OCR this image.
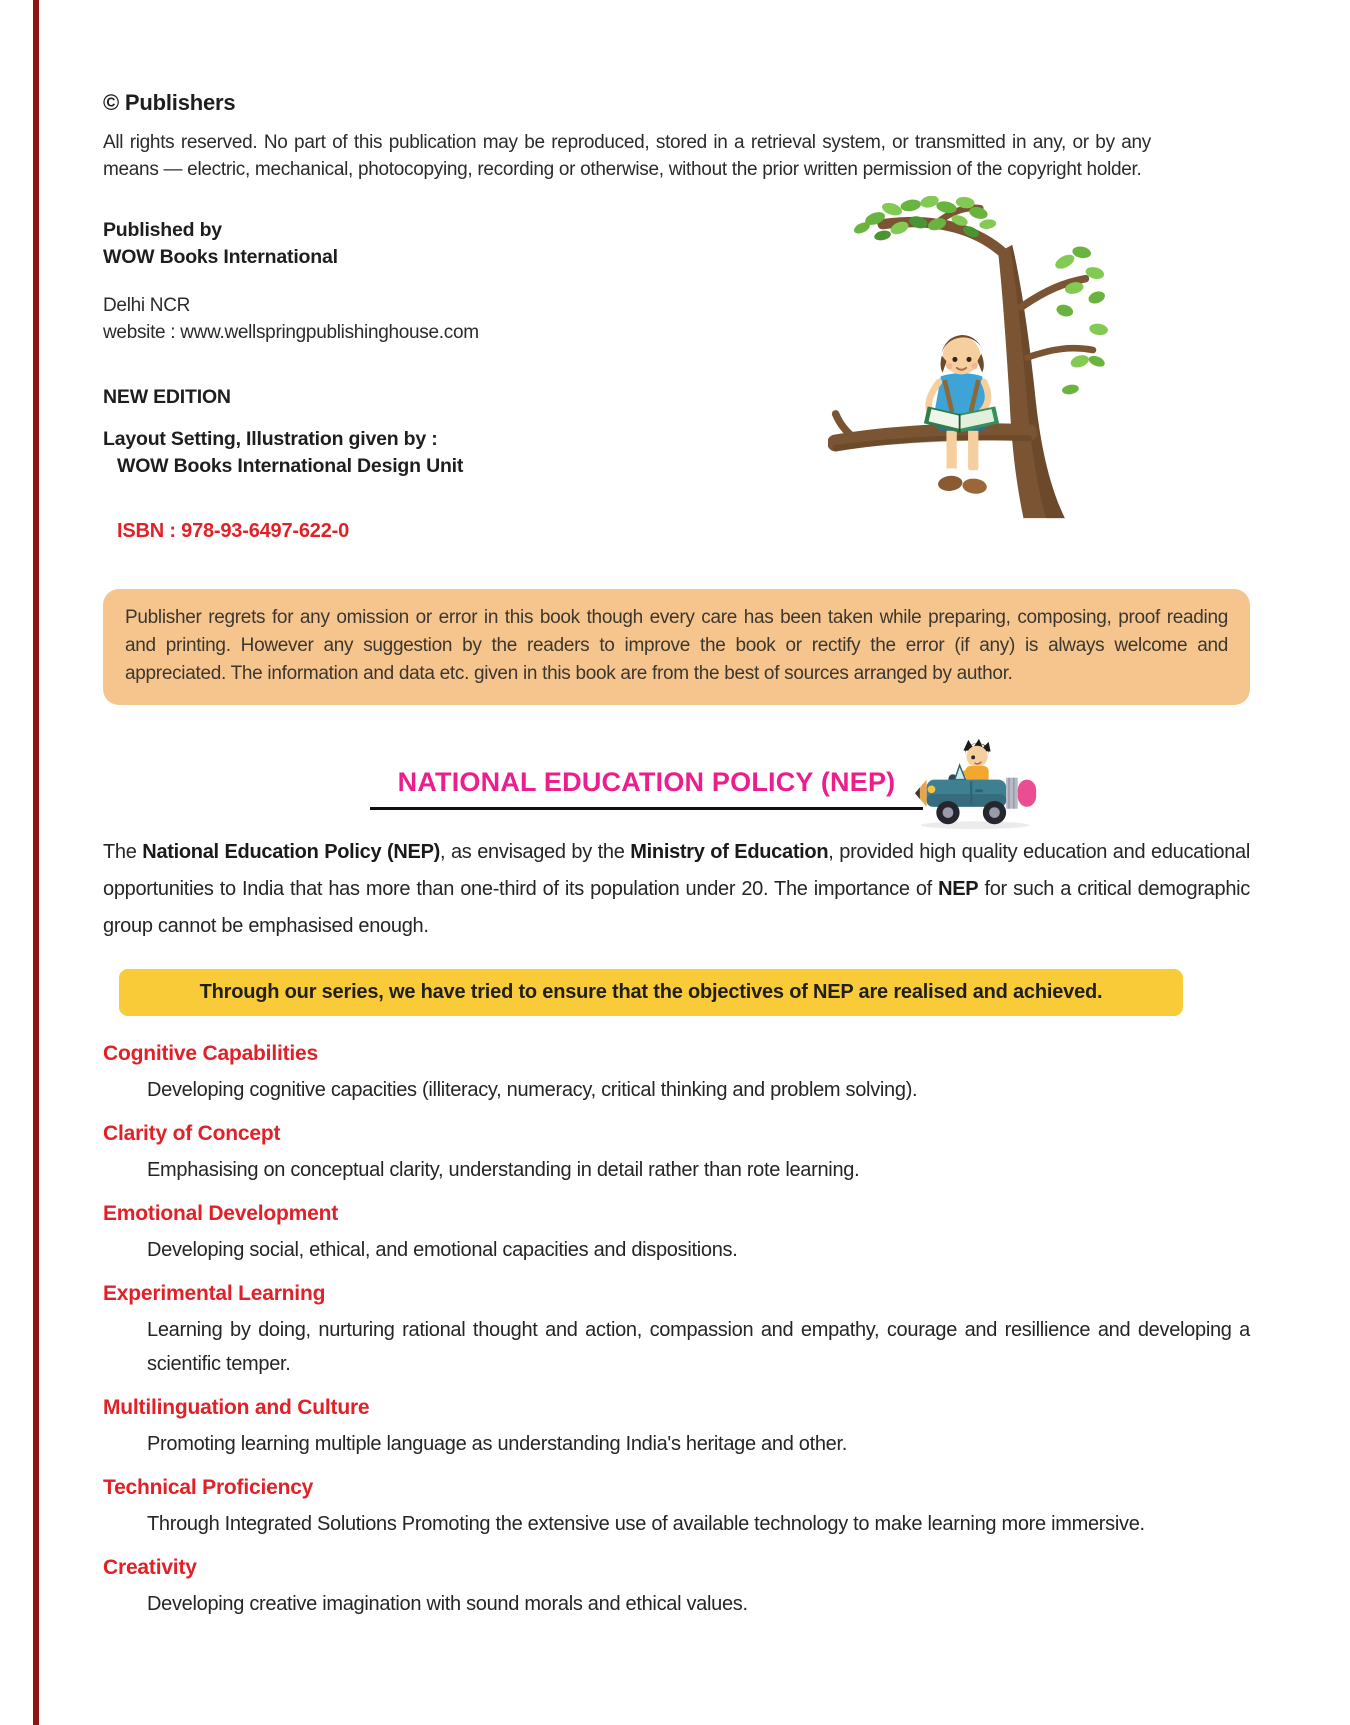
© Publishers

All rights reserved. No part of this publication may be reproduced, stored in a retrieval system, or transmitted in any, or by any means — electric, mechanical, photocopying, recording or otherwise, without the prior written permission of the copyright holder.

Published by

WOW Books International

Delhi NCR

website : www.wellspringpublishinghouse.com

NEW EDITION

Layout Setting, Illustration given by :

WOW Books International Design Unit

ISBN : 978-93-6497-622-0

Publisher regrets for any omission or error in this book though every care has been taken while preparing, composing, proof reading and printing. However any suggestion by the readers to improve the book or rectify the error (if any) is always welcome and appreciated. The information and data etc. given in this book are from the best of sources arranged by author.

NATIONAL EDUCATION POLICY (NEP)

The National Education Policy (NEP), as envisaged by the Ministry of Education, provided high quality education and educational opportunities to India that has more than one-third of its population under 20. The importance of NEP for such a critical demographic group cannot be emphasised enough.

Through our series, we have tried to ensure that the objectives of NEP are realised and achieved.
Cognitive Capabilities

Developing cognitive capacities (illiteracy, numeracy, critical thinking and problem solving).

Clarity of Concept

Emphasising on conceptual clarity, understanding in detail rather than rote learning.

Emotional Development

Developing social, ethical, and emotional capacities and dispositions.

Experimental Learning

Learning by doing, nurturing rational thought and action, compassion and empathy, courage and resillience and developing a scientific temper.

Multilinguation and Culture

Promoting learning multiple language as understanding India's heritage and other.

Technical Proficiency

Through Integrated Solutions Promoting the extensive use of available technology to make learning more immersive.

Creativity

Developing creative imagination with sound morals and ethical values.
